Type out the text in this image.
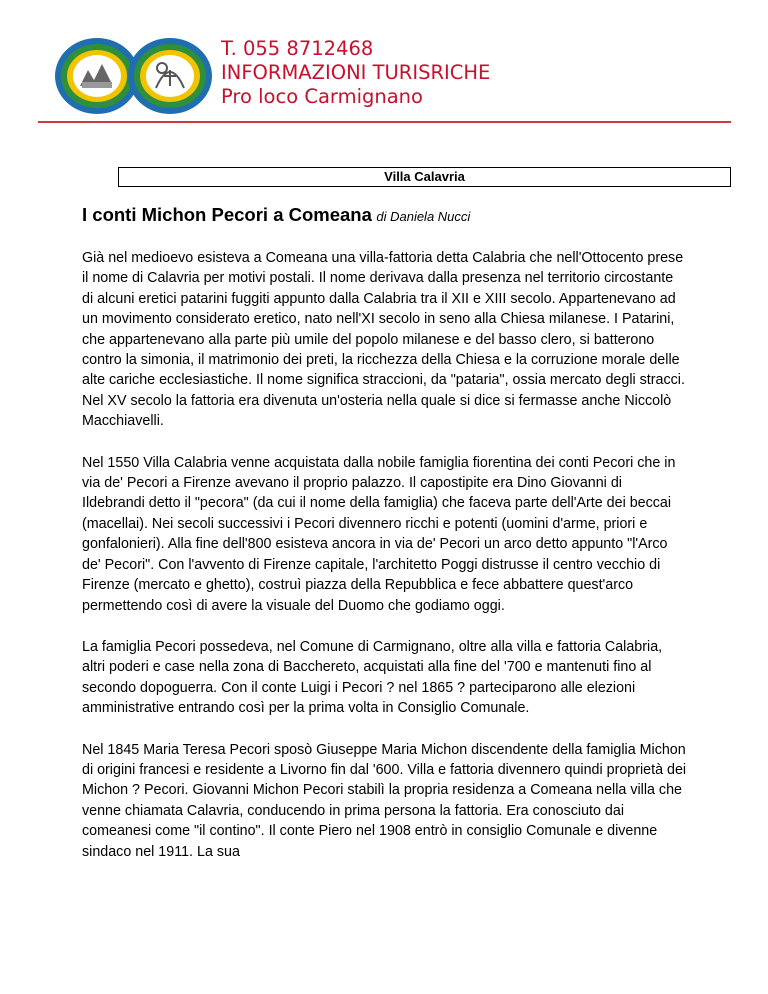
T. 055 8712468
INFORMAZIONI TURISRICHE
Pro loco Carmignano
Villa Calavria
I conti Michon Pecori a Comeana di Daniela Nucci

Già nel medioevo esisteva a Comeana una villa-fattoria detta Calabria che nell'Ottocento prese il nome di Calavria per motivi postali. Il nome derivava dalla presenza nel territorio circostante di alcuni eretici patarini fuggiti appunto dalla Calabria tra il XII e XIII secolo. Appartenevano ad un movimento considerato eretico, nato nell'XI secolo in seno alla Chiesa milanese. I Patarini, che appartenevano alla parte più umile del popolo milanese e del basso clero, si batterono contro la simonia, il matrimonio dei preti, la ricchezza della Chiesa e la corruzione morale delle alte cariche ecclesiastiche. Il nome significa straccioni, da "pataria", ossia mercato degli stracci. Nel XV secolo la fattoria era divenuta un'osteria nella quale si dice si fermasse anche Niccolò Macchiavelli.

Nel 1550 Villa Calabria venne acquistata dalla nobile famiglia fiorentina dei conti Pecori che in via de' Pecori a Firenze avevano il proprio palazzo. Il capostipite era Dino Giovanni di Ildebrandi detto il "pecora" (da cui il nome della famiglia) che faceva parte dell'Arte dei beccai (macellai). Nei secoli successivi i Pecori divennero ricchi e potenti (uomini d'arme, priori e gonfalonieri). Alla fine dell'800 esisteva ancora in via de' Pecori un arco detto appunto "l'Arco de' Pecori". Con l'avvento di Firenze capitale, l'architetto Poggi distrusse il centro vecchio di Firenze (mercato e ghetto), costruì piazza della Repubblica e fece abbattere quest'arco permettendo così di avere la visuale del Duomo che godiamo oggi.

La famiglia Pecori possedeva, nel Comune di Carmignano, oltre alla villa e fattoria Calabria, altri poderi e case nella zona di Bacchereto, acquistati alla fine del '700 e mantenuti fino al secondo dopoguerra. Con il conte Luigi i Pecori ? nel 1865 ? parteciparono alle elezioni amministrative entrando così per la prima volta in Consiglio Comunale.

Nel 1845 Maria Teresa Pecori sposò Giuseppe Maria Michon discendente della famiglia Michon di origini francesi e residente a Livorno fin dal '600. Villa e fattoria divennero quindi proprietà dei Michon ? Pecori. Giovanni Michon Pecori stabilì la propria residenza a Comeana nella villa che venne chiamata Calavria, conducendo in prima persona la fattoria. Era conosciuto dai comeanesi come "il contino". Il conte Piero nel 1908 entrò in consiglio Comunale e divenne sindaco nel 1911. La sua
